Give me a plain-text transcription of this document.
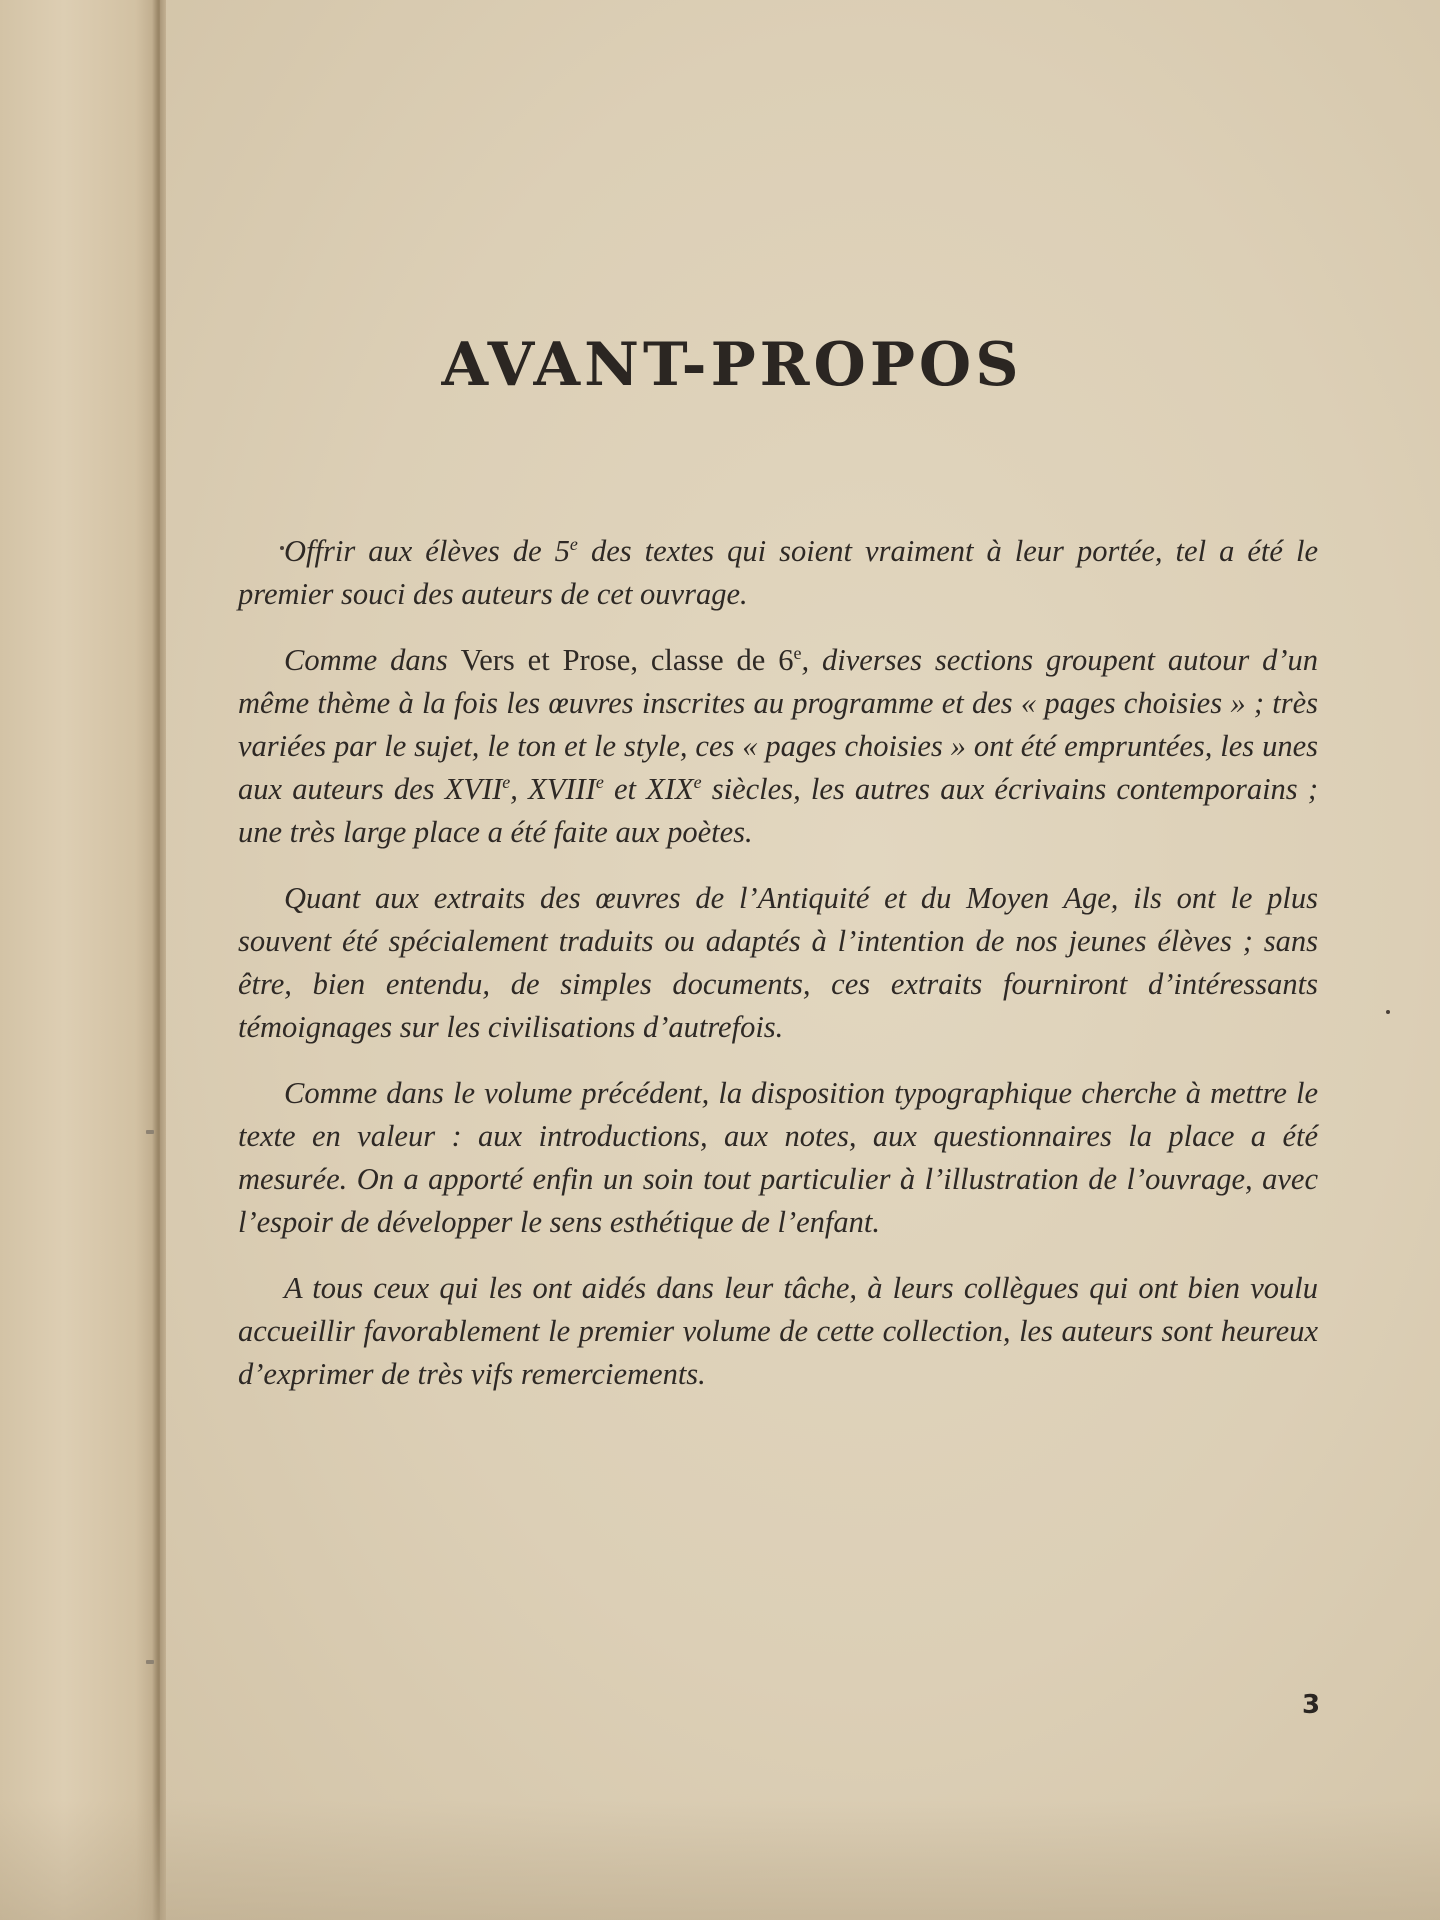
AVANT-PROPOS

Offrir aux élèves de 5e des textes qui soient vraiment à leur portée, tel a été le premier souci des auteurs de cet ouvrage.

Comme dans Vers et Prose, classe de 6e, diverses sections groupent autour d’un même thème à la fois les œuvres inscrites au programme et des « pages choisies » ; très variées par le sujet, le ton et le style, ces « pages choisies » ont été empruntées, les unes aux auteurs des XVIIe, XVIIIe et XIXe siècles, les autres aux écrivains contemporains ; une très large place a été faite aux poètes.

Quant aux extraits des œuvres de l’Antiquité et du Moyen Age, ils ont le plus souvent été spécialement traduits ou adaptés à l’intention de nos jeunes élèves ; sans être, bien entendu, de simples documents, ces extraits fourniront d’intéressants témoignages sur les civilisations d’autrefois.

Comme dans le volume précédent, la disposition typographique cherche à mettre le texte en valeur : aux introductions, aux notes, aux questionnaires la place a été mesurée. On a apporté enfin un soin tout particulier à l’illustration de l’ouvrage, avec l’espoir de développer le sens esthétique de l’enfant.

A tous ceux qui les ont aidés dans leur tâche, à leurs collègues qui ont bien voulu accueillir favorablement le premier volume de cette collection, les auteurs sont heureux d’exprimer de très vifs remerciements.

3
